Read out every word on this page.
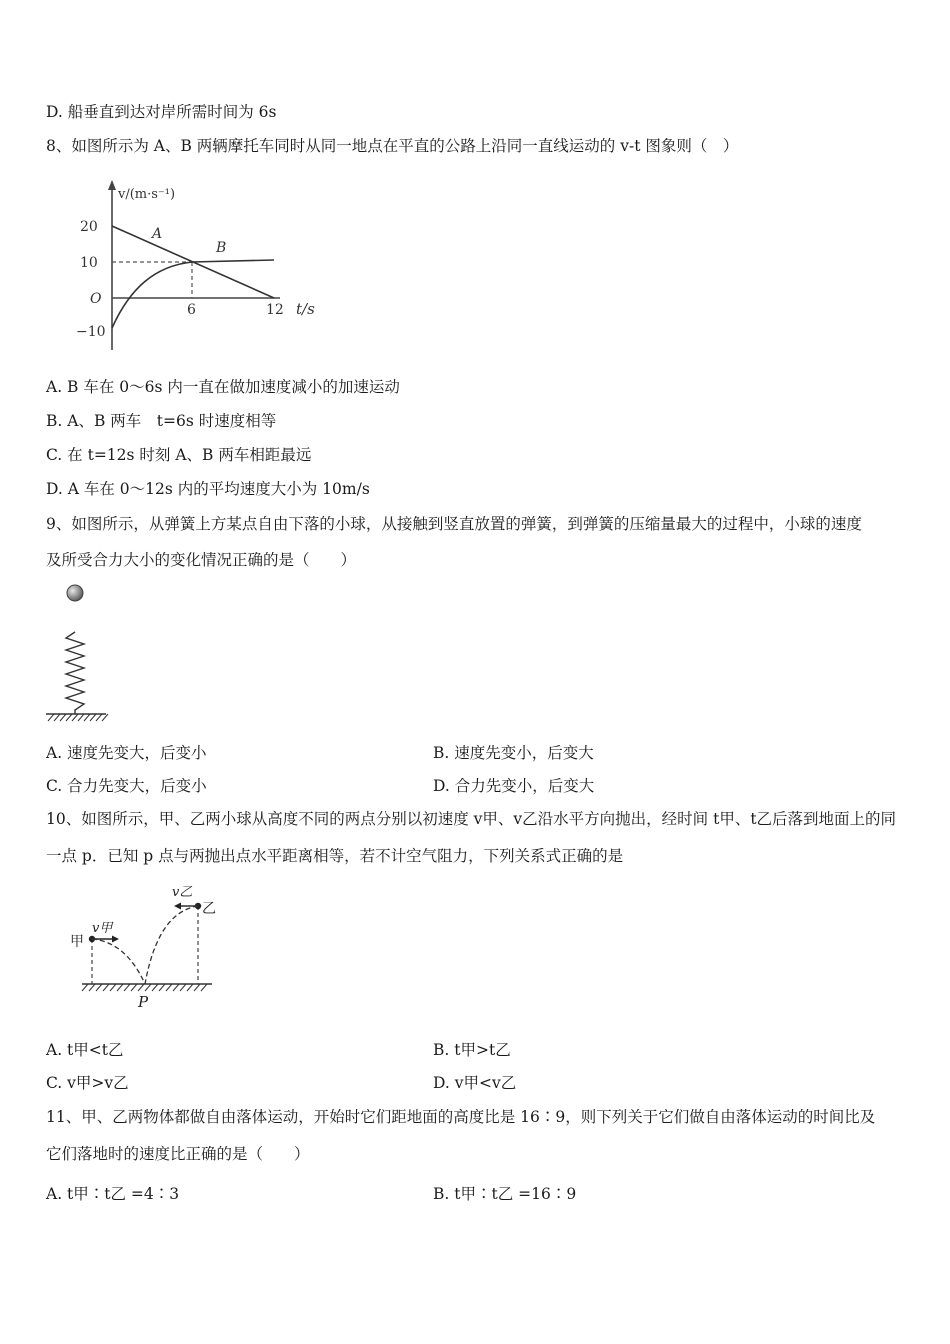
D. 船垂直到达对岸所需时间为 6s
8、如图所示为 A、B 两辆摩托车同时从同一地点在平直的公路上沿同一直线运动的 v-t 图象则（　）
v/(m·s⁻¹)
20
10
O
−10
6	12 t/s
A
B
A. B 车在 0～6s 内一直在做加速度减小的加速运动
B. A、B 两车　t=6s 时速度相等
C. 在 t=12s 时刻 A、B 两车相距最远
D. A 车在 0～12s 内的平均速度大小为 10m/s
9、如图所示，从弹簧上方某点自由下落的小球，从接触到竖直放置的弹簧，到弹簧的压缩量最大的过程中，小球的速度
及所受合力大小的变化情况正确的是（　　）
A. 速度先变大，后变小	B. 速度先变小，后变大
C. 合力先变大，后变小	D. 合力先变小，后变大
10、如图所示，甲、乙两小球从高度不同的两点分别以初速度 v甲、v乙沿水平方向抛出，经时间 t甲、t乙后落到地面上的同
一点 p．已知 p 点与两抛出点水平距离相等，若不计空气阻力，下列关系式正确的是
甲
v甲
乙
v乙
P
A. t甲<t乙	B. t甲>t乙
C. v甲>v乙	D. v甲<v乙
11、甲、乙两物体都做自由落体运动，开始时它们距地面的高度比是 16∶9，则下列关于它们做自由落体运动的时间比及
它们落地时的速度比正确的是（　　）
A. t甲∶t乙 =4∶3	B. t甲∶t乙 =16∶9
